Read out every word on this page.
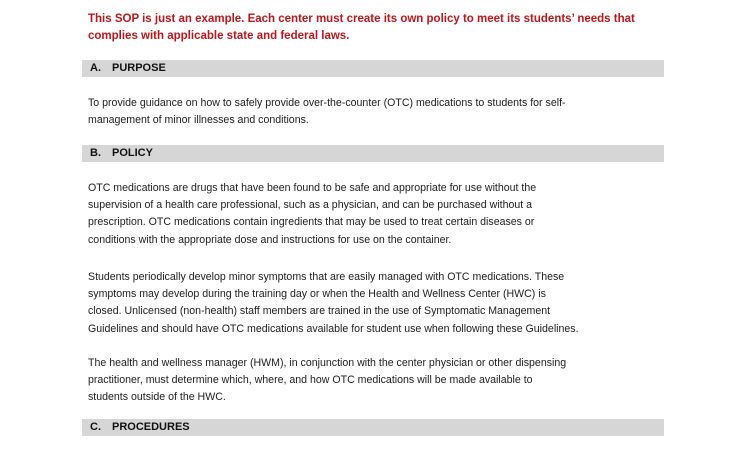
This SOP is just an example. Each center must create its own policy to meet its students’ needs that

complies with applicable state and federal laws.

A. PURPOSE

To provide guidance on how to safely provide over-the-counter (OTC) medications to students for self-

management of minor illnesses and conditions.

B. POLICY

OTC medications are drugs that have been found to be safe and appropriate for use without the

supervision of a health care professional, such as a physician, and can be purchased without a

prescription. OTC medications contain ingredients that may be used to treat certain diseases or

conditions with the appropriate dose and instructions for use on the container.

Students periodically develop minor symptoms that are easily managed with OTC medications. These

symptoms may develop during the training day or when the Health and Wellness Center (HWC) is

closed. Unlicensed (non-health) staff members are trained in the use of Symptomatic Management

Guidelines and should have OTC medications available for student use when following these Guidelines.

The health and wellness manager (HWM), in conjunction with the center physician or other dispensing

practitioner, must determine which, where, and how OTC medications will be made available to

students outside of the HWC.

C. PROCEDURES
